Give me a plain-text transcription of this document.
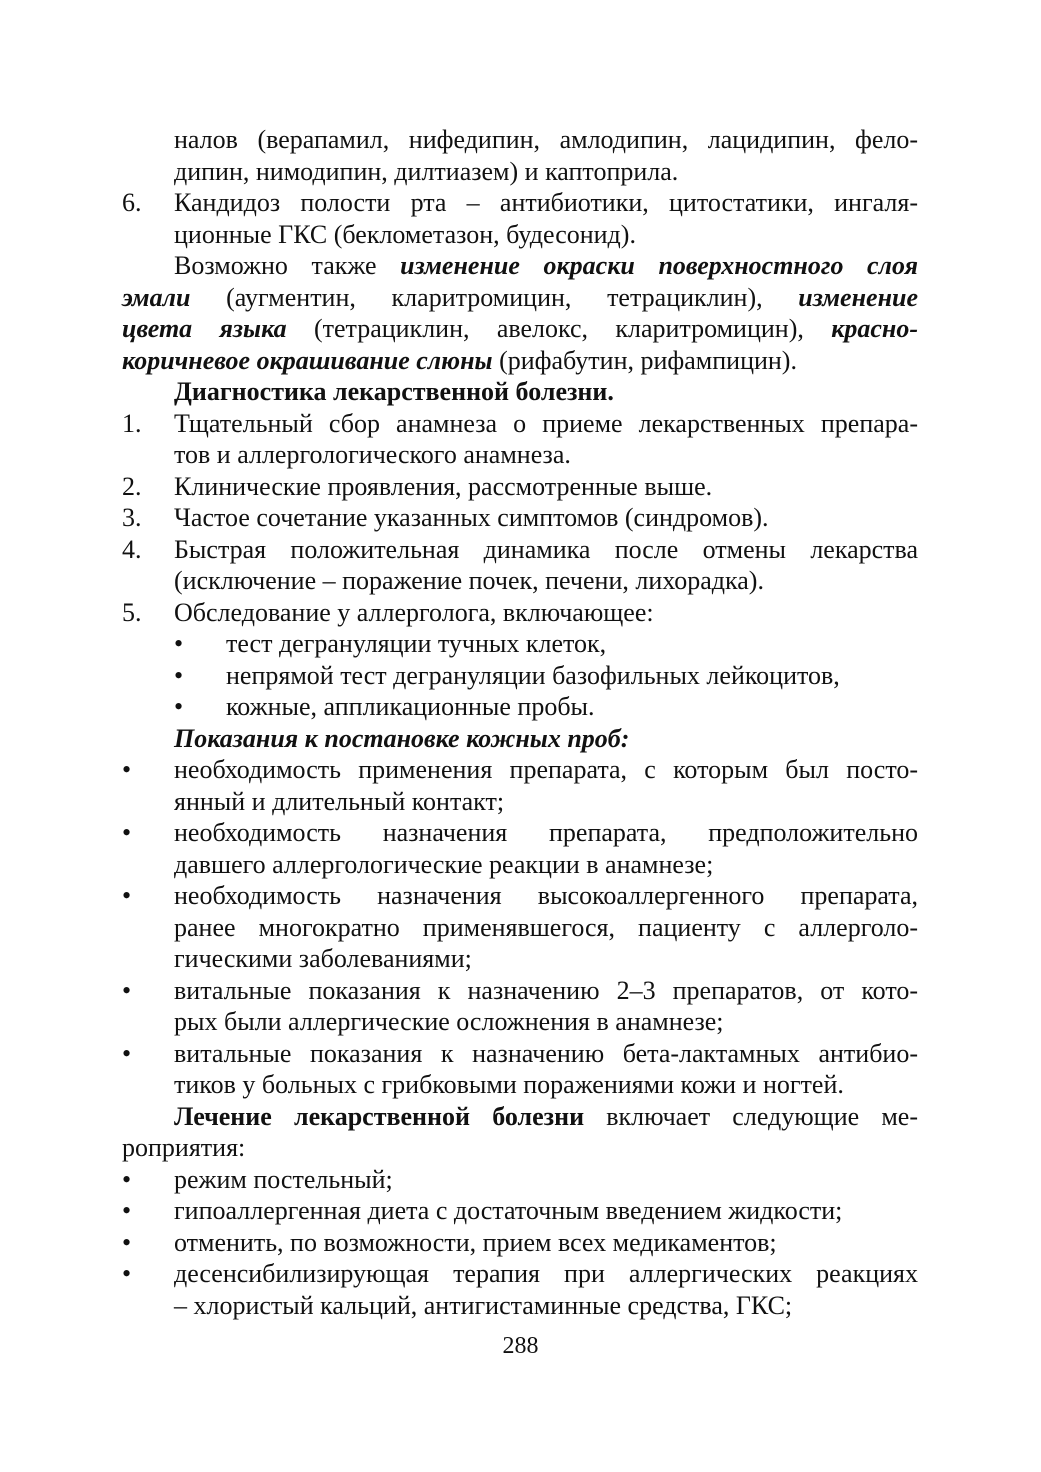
налов (верапамил, нифедипин, амлодипин, лацидипин, фело-
дипин, нимодипин, дилтиазем) и каптоприла.
6. Кандидоз полости рта – антибиотики, цитостатики, ингаля-
ционные ГКС (беклометазон, будесонид).
Возможно также изменение окраски поверхностного слоя
эмали (аугментин, кларитромицин, тетрациклин), изменение
цвета языка (тетрациклин, авелокс, кларитромицин), красно-
коричневое окрашивание слюны (рифабутин, рифампицин).
Диагностика лекарственной болезни.
1. Тщательный сбор анамнеза о приеме лекарственных препара-
тов и аллергологического анамнеза.
2. Клинические проявления, рассмотренные выше.
3. Частое сочетание указанных симптомов (синдромов).
4. Быстрая положительная динамика после отмены лекарства
(исключение – поражение почек, печени, лихорадка).
5. Обследование у аллерголога, включающее:
• тест дегрануляции тучных клеток,
• непрямой тест дегрануляции базофильных лейкоцитов,
• кожные, аппликационные пробы.
Показания к постановке кожных проб:
• необходимость применения препарата, с которым был посто-
янный и длительный контакт;
• необходимость назначения препарата, предположительно
давшего аллергологические реакции в анамнезе;
• необходимость назначения высокоаллергенного препарата,
ранее многократно применявшегося, пациенту с аллерголо-
гическими заболеваниями;
• витальные показания к назначению 2–3 препаратов, от кото-
рых были аллергические осложнения в анамнезе;
• витальные показания к назначению бета-лактамных антибио-
тиков у больных с грибковыми поражениями кожи и ногтей.
Лечение лекарственной болезни включает следующие ме-
роприятия:
• режим постельный;
• гипоаллергенная диета с достаточным введением жидкости;
• отменить, по возможности, прием всех медикаментов;
• десенсибилизирующая терапия при аллергических реакциях
– хлористый кальций, антигистаминные средства, ГКС;
288
